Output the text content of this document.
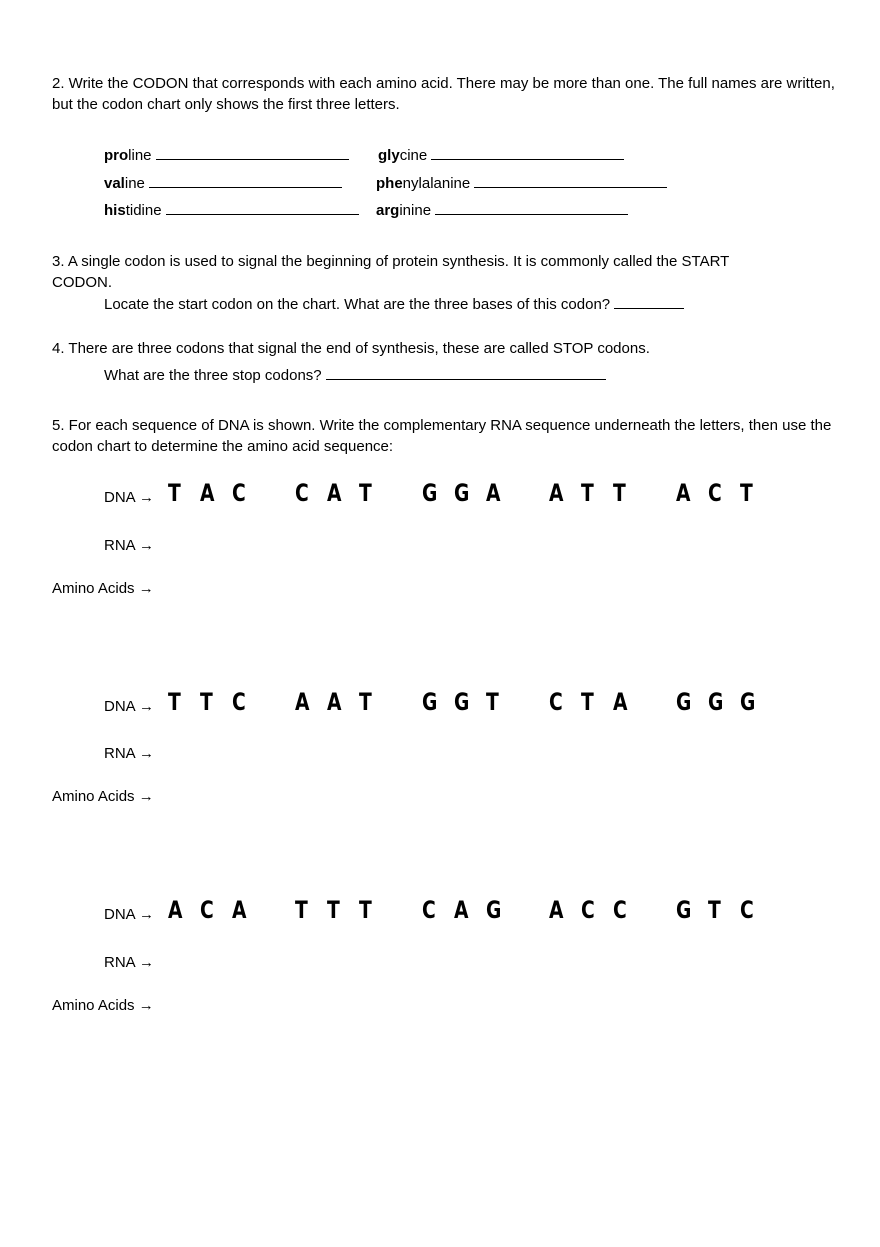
2. Write the CODON that corresponds with each amino acid. There may be more than one. The full names are written, but the codon chart only shows the first three letters.
proline	glycine
valine	phenylalanine
histidine	arginine
3. A single codon is used to signal the beginning of protein synthesis. It is commonly called the START CODON.
Locate the start codon on the chart. What are the three bases of this codon?
4. There are three codons that signal the end of synthesis, these are called STOP codons.
What are the three stop codons?
5. For each sequence of DNA is shown. Write the complementary RNA sequence underneath the letters, then use the codon chart to determine the amino acid sequence:
DNA → T A C	C A T	G G A	A T T	A C T
RNA →
Amino Acids →
DNA → T T C	A A T	G G T	C T A	G G G
RNA →
Amino Acids →
DNA → A C A	T T T	C A G	A C C	G T C
RNA →
Amino Acids →
